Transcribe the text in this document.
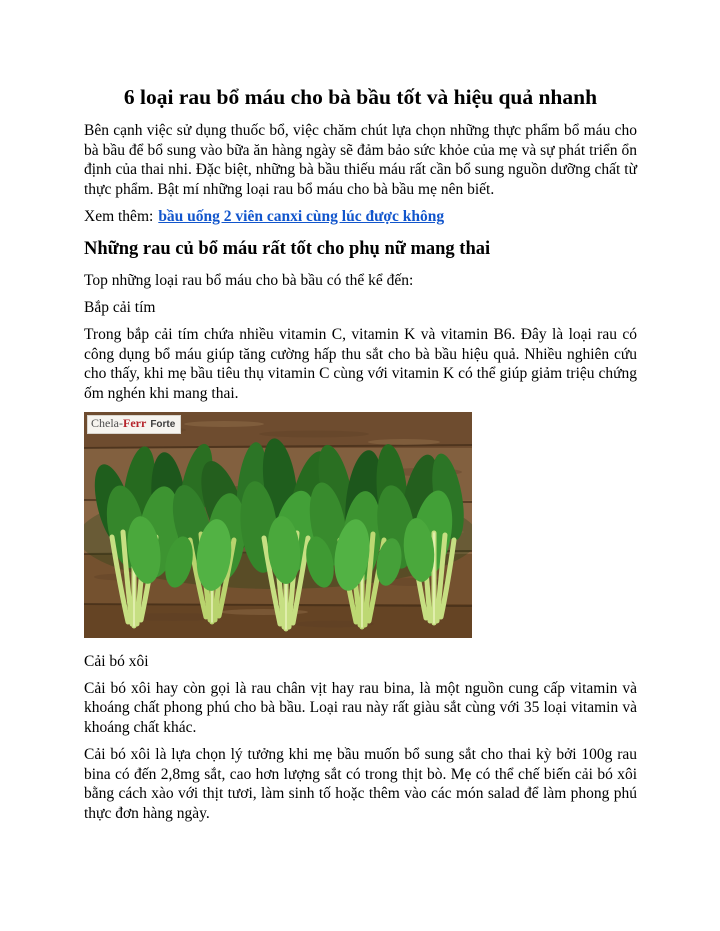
6 loại rau bổ máu cho bà bầu tốt và hiệu quả nhanh

Bên cạnh việc sử dụng thuốc bổ, việc chăm chút lựa chọn những thực phẩm bổ máu cho bà bầu để bổ sung vào bữa ăn hàng ngày sẽ đảm bảo sức khỏe của mẹ và sự phát triển ổn định của thai nhi. Đặc biệt, những bà bầu thiếu máu rất cần bổ sung nguồn dưỡng chất từ thực phẩm. Bật mí những loại rau bổ máu cho bà bầu mẹ nên biết.

Xem thêm: bầu uống 2 viên canxi cùng lúc được không

Những rau củ bổ máu rất tốt cho phụ nữ mang thai

Top những loại rau bổ máu cho bà bầu có thể kể đến:

Bắp cải tím

Trong bắp cải tím chứa nhiều vitamin C, vitamin K và vitamin B6. Đây là loại rau có công dụng bổ máu giúp tăng cường hấp thu sắt cho bà bầu hiệu quả. Nhiều nghiên cứu cho thấy, khi mẹ bầu tiêu thụ vitamin C cùng với vitamin K có thể giúp giảm triệu chứng ốm nghén khi mang thai.

Chela-Ferr Forte

Cải bó xôi

Cải bó xôi hay còn gọi là rau chân vịt hay rau bina, là một nguồn cung cấp vitamin và khoáng chất phong phú cho bà bầu. Loại rau này rất giàu sắt cùng với 35 loại vitamin và khoáng chất khác.

Cải bó xôi là lựa chọn lý tưởng khi mẹ bầu muốn bổ sung sắt cho thai kỳ bởi 100g rau bina có đến 2,8mg sắt, cao hơn lượng sắt có trong thịt bò. Mẹ có thể chế biến cải bó xôi bằng cách xào với thịt tươi, làm sinh tố hoặc thêm vào các món salad để làm phong phú thực đơn hàng ngày.
